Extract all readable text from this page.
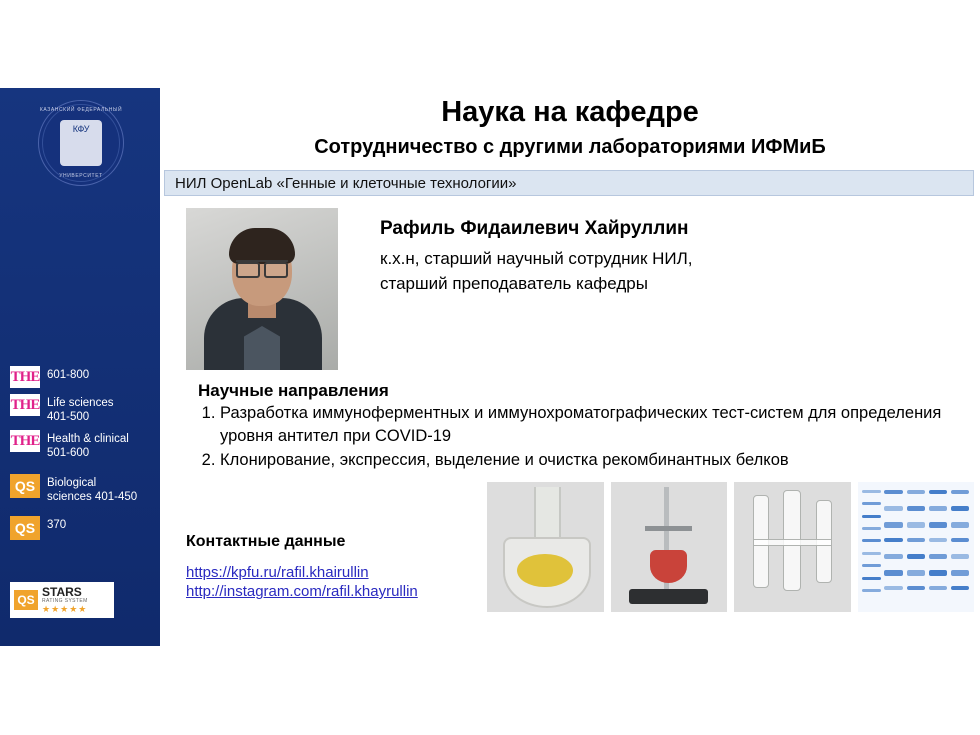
КАЗАНСКИЙ ФЕДЕРАЛЬНЫЙ
КФУ
УНИВЕРСИТЕТ
THE 601-800
THE Life sciences
401-500
THE Health & clinical
501-600
QS	Biological
sciences 401-450
QS	370
QS
STARS
RATING SYSTEM
★★★★★
Наука на кафедре
Сотрудничество с другими лабораториями ИФМиБ
НИЛ OpenLab «Генные и клеточные технологии»
Рафиль Фидаилевич Хайруллин
к.х.н, старший научный сотрудник НИЛ,
старший преподаватель кафедры
Научные направления
1. Разработка иммуноферментных и иммунохроматографических тест-систем для определения уровня антител при COVID-19
2. Клонирование, экспрессия, выделение и очистка рекомбинантных белков
Контактные данные
https://kpfu.ru/rafil.khairullin
http://instagram.com/rafil.khayrullin
